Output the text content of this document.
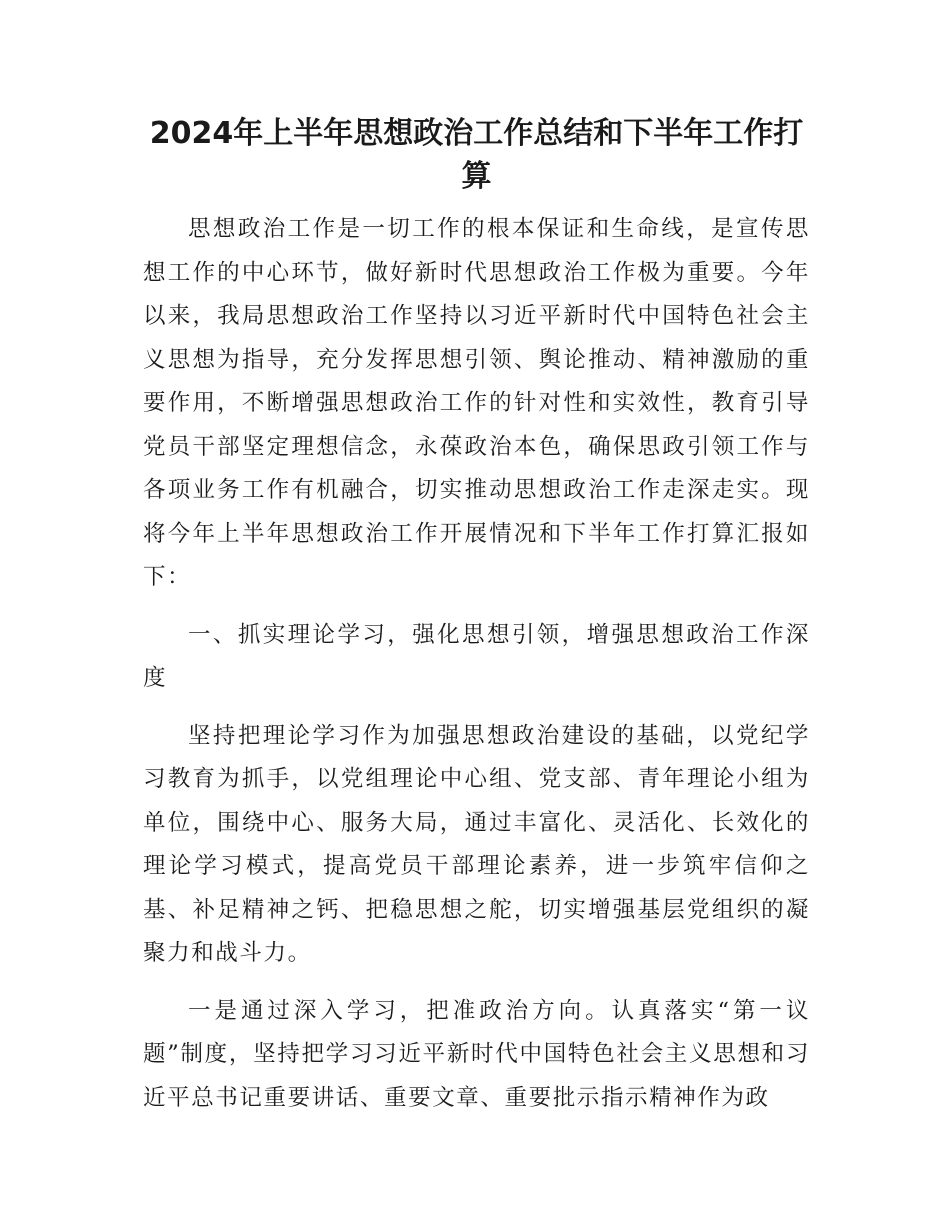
2024年上半年思想政治工作总结和下半年工作打算

思想政治工作是一切工作的根本保证和生命线，是宣传思想工作的中心环节，做好新时代思想政治工作极为重要。今年以来，我局思想政治工作坚持以习近平新时代中国特色社会主义思想为指导，充分发挥思想引领、舆论推动、精神激励的重要作用，不断增强思想政治工作的针对性和实效性，教育引导党员干部坚定理想信念，永葆政治本色，确保思政引领工作与各项业务工作有机融合，切实推动思想政治工作走深走实。现将今年上半年思想政治工作开展情况和下半年工作打算汇报如下：

一、抓实理论学习，强化思想引领，增强思想政治工作深度

坚持把理论学习作为加强思想政治建设的基础，以党纪学习教育为抓手，以党组理论中心组、党支部、青年理论小组为单位，围绕中心、服务大局，通过丰富化、灵活化、长效化的理论学习模式，提高党员干部理论素养，进一步筑牢信仰之基、补足精神之钙、把稳思想之舵，切实增强基层党组织的凝聚力和战斗力。

一是通过深入学习，把准政治方向。认真落实“第一议题”制度，坚持把学习习近平新时代中国特色社会主义思想和习近平总书记重要讲话、重要文章、重要批示指示精神作为政
